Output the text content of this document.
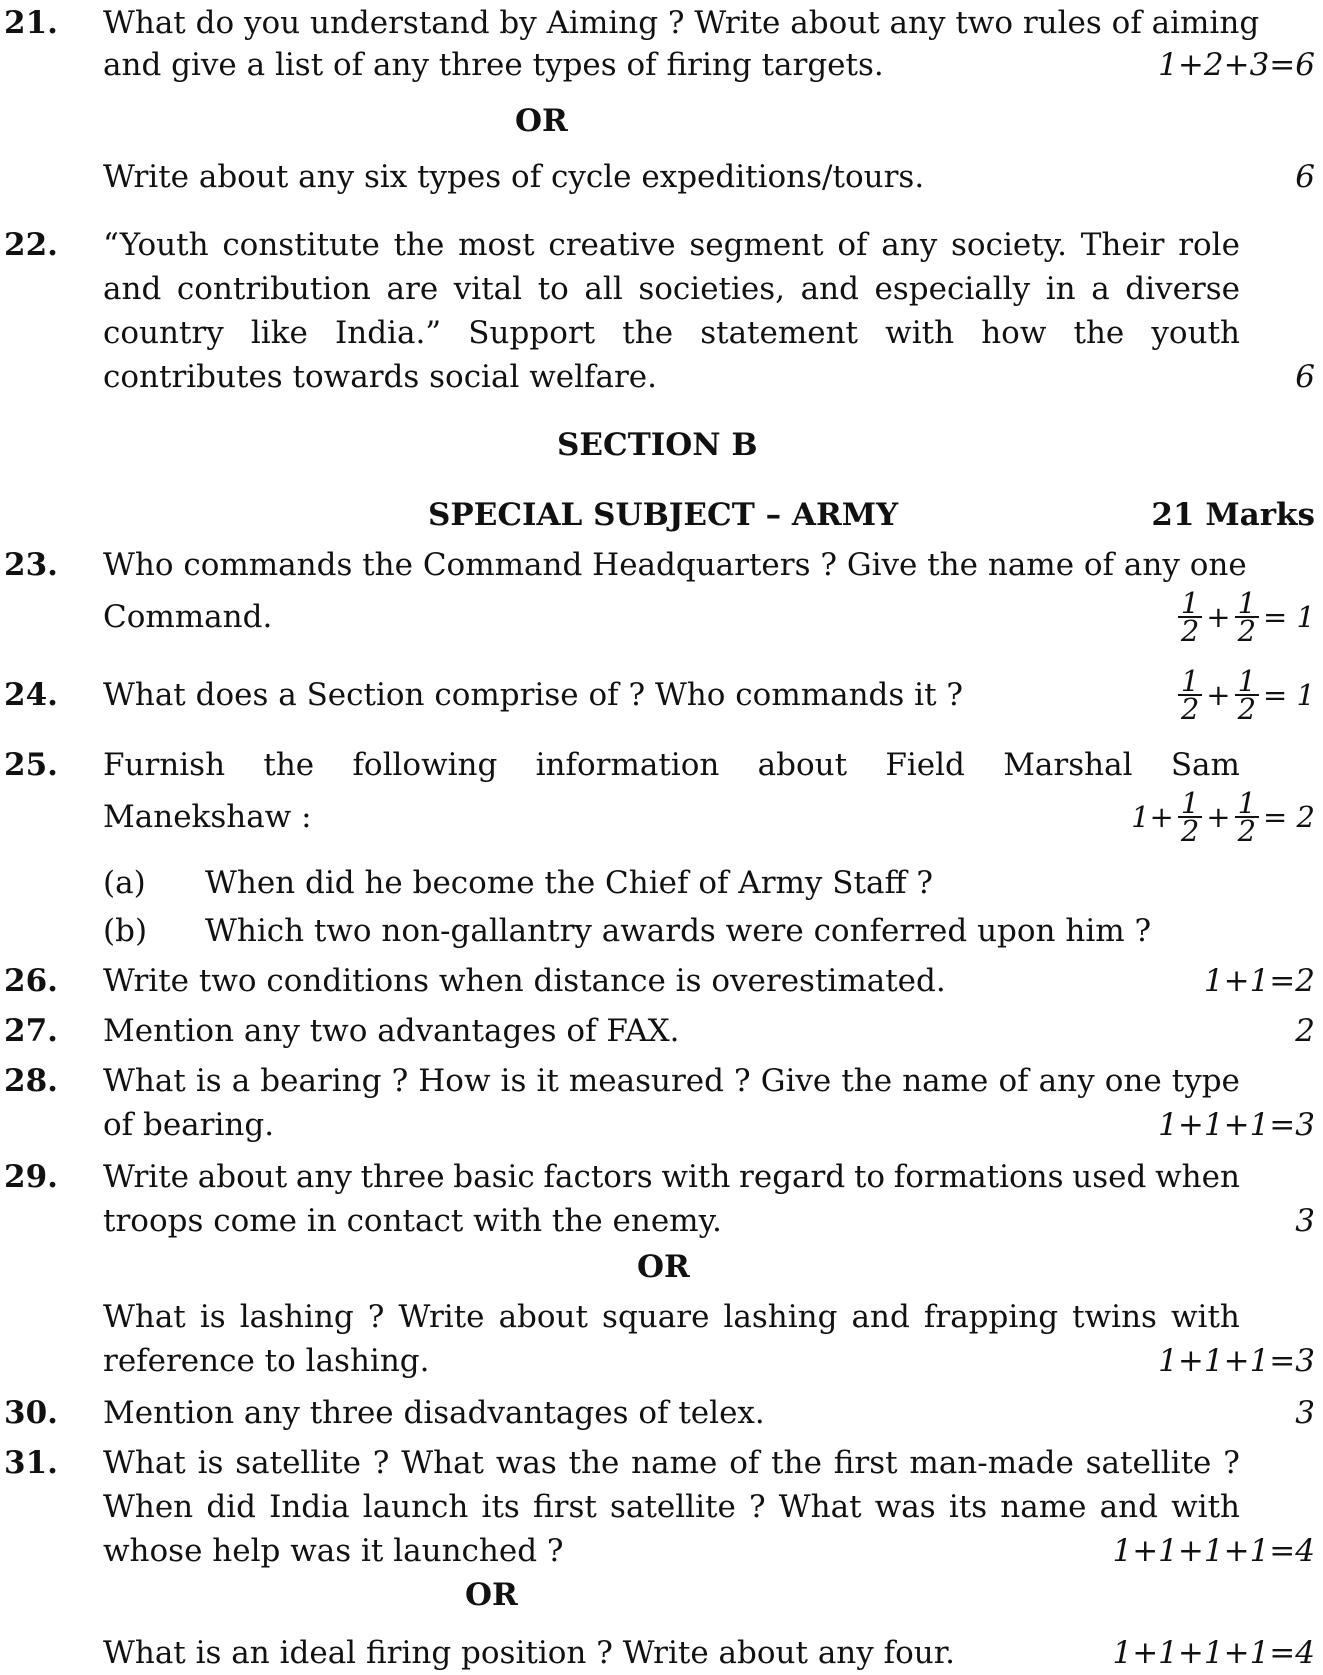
21. What do you understand by Aiming ? Write about any two rules of aiming
and give a list of any three types of firing targets.	1+2+3=6
OR
Write about any six types of cycle expeditions/tours.	6
22. “Youth constitute the most creative segment of any society. Their role
and contribution are vital to all societies, and especially in a diverse
country like India.” Support the statement with how the youth
contributes towards social welfare.	6
SECTION B
SPECIAL SUBJECT – ARMY	21 Marks
23. Who commands the Command Headquarters ? Give the name of any one
Command.	1
$2 + \frac{1}{2} = 1$
24. What does a Section comprise of ? Who commands it ?	1
$2 + \frac{1}{2} = 1$
25. Furnish the following information about Field Marshal Sam
Manekshaw :	$1+ \frac{1}{2} + \frac{1}{2} = 2$
(a) When did he become the Chief of Army Staff ?
(b) Which two non-gallantry awards were conferred upon him ?
26. Write two conditions when distance is overestimated.	1+1=2
27. Mention any two advantages of FAX.	2
28. What is a bearing ? How is it measured ? Give the name of any one type
of bearing.	1+1+1=3
29. Write about any three basic factors with regard to formations used when
troops come in contact with the enemy.	3
OR
What is lashing ? Write about square lashing and frapping twins with
reference to lashing.	1+1+1=3
30. Mention any three disadvantages of telex.	3
31. What is satellite ? What was the name of the first man-made satellite ?
When did India launch its first satellite ? What was its name and with
whose help was it launched ?	1+1+1+1=4
OR
What is an ideal firing position ? Write about any four.	1+1+1+1=4
